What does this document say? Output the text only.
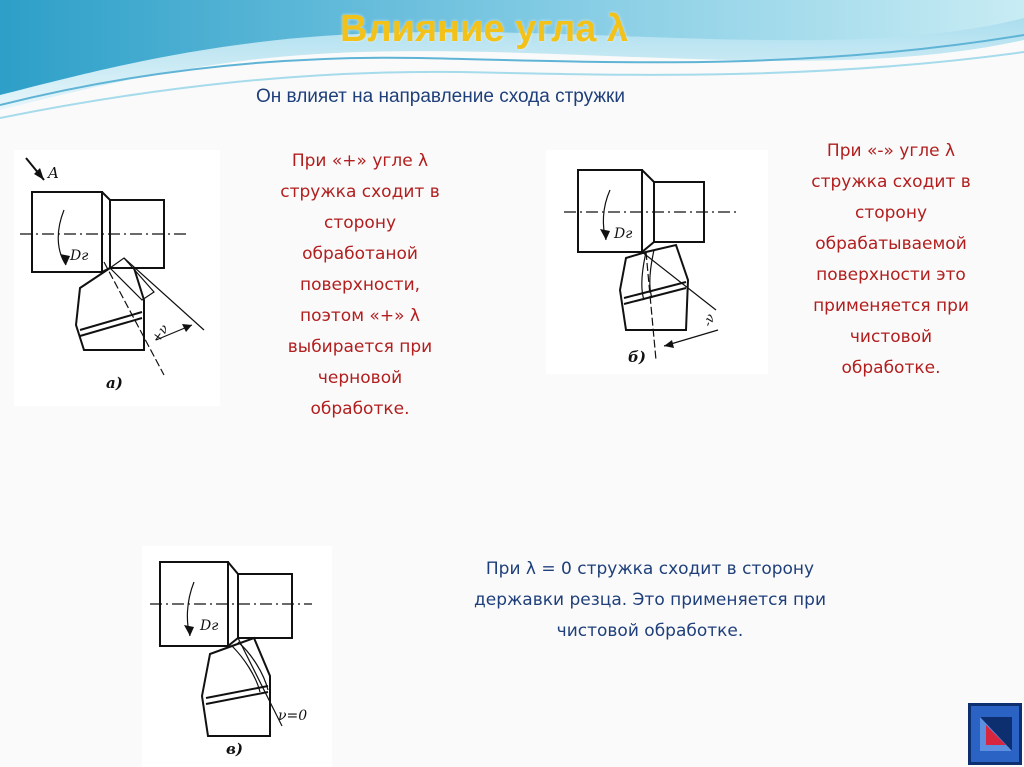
Влияние угла λ
Он влияет на направление схода стружки
A
Dг
+ν
а)
При «+» угле λ
стружка сходит в
сторону
обработаной
поверхности,
поэтом «+» λ
выбирается при
черновой
обработке.
Dг
-ν
б)
При «-» угле λ
стружка сходит в
сторону
обрабатываемой
поверхности это
применяется при
чистовой
обработке.
Dг
ν=0
в)
При λ = 0 стружка сходит в сторону
державки резца. Это применяется при
чистовой обработке.
